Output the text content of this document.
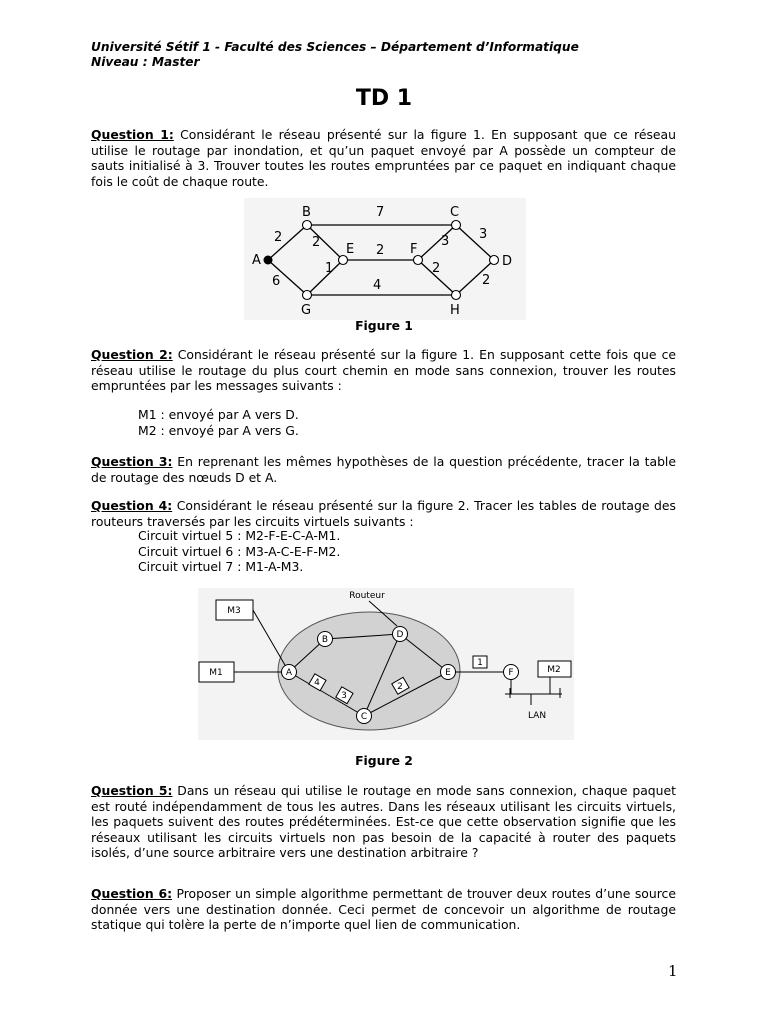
Université Sétif 1 - Faculté des Sciences – Département d’Informatique
Niveau : Master
TD 1
Question 1: Considérant le réseau présenté sur la figure 1. En supposant que ce réseau utilise le routage par inondation, et qu’un paquet envoyé par A possède un compteur de sauts initialisé à 3. Trouver toutes les routes empruntées par ce paquet en indiquant chaque fois le coût de chaque route.
B	C
E	F
A	D
G	H
2
7
2
2
1
6	4
3 3
2
2
Figure 1
Question 2: Considérant le réseau présenté sur la figure 1. En supposant cette fois que ce réseau utilise le routage du plus court chemin en mode sans connexion, trouver les routes empruntées par les messages suivants :
M1 : envoyé par A vers D.
M2 : envoyé par A vers G.
Question 3: En reprenant les mêmes hypothèses de la question précédente, tracer la table de routage des nœuds D et A.
Question 4: Considérant le réseau présenté sur la figure 2. Tracer les tables de routage des routeurs traversés par les circuits virtuels suivants :
Circuit virtuel 5 : M2-F-E-C-A-M1.
Circuit virtuel 6 : M3-A-C-E-F-M2.
Circuit virtuel 7 : M1-A-M3.
M3
M1	M2
A
B	D
E
C
F
1
4
3
2
Routeur
LAN
Figure 2
Question 5: Dans un réseau qui utilise le routage en mode sans connexion, chaque paquet est routé indépendamment de tous les autres. Dans les réseaux utilisant les circuits virtuels, les paquets suivent des routes prédéterminées. Est-ce que cette observation signifie que les réseaux utilisant les circuits virtuels non pas besoin de la capacité à router des paquets isolés, d’une source arbitraire vers une destination arbitraire ?
Question 6: Proposer un simple algorithme permettant de trouver deux routes d’une source donnée vers une destination donnée. Ceci permet de concevoir un algorithme de routage statique qui tolère la perte de n’importe quel lien de communication.
1
